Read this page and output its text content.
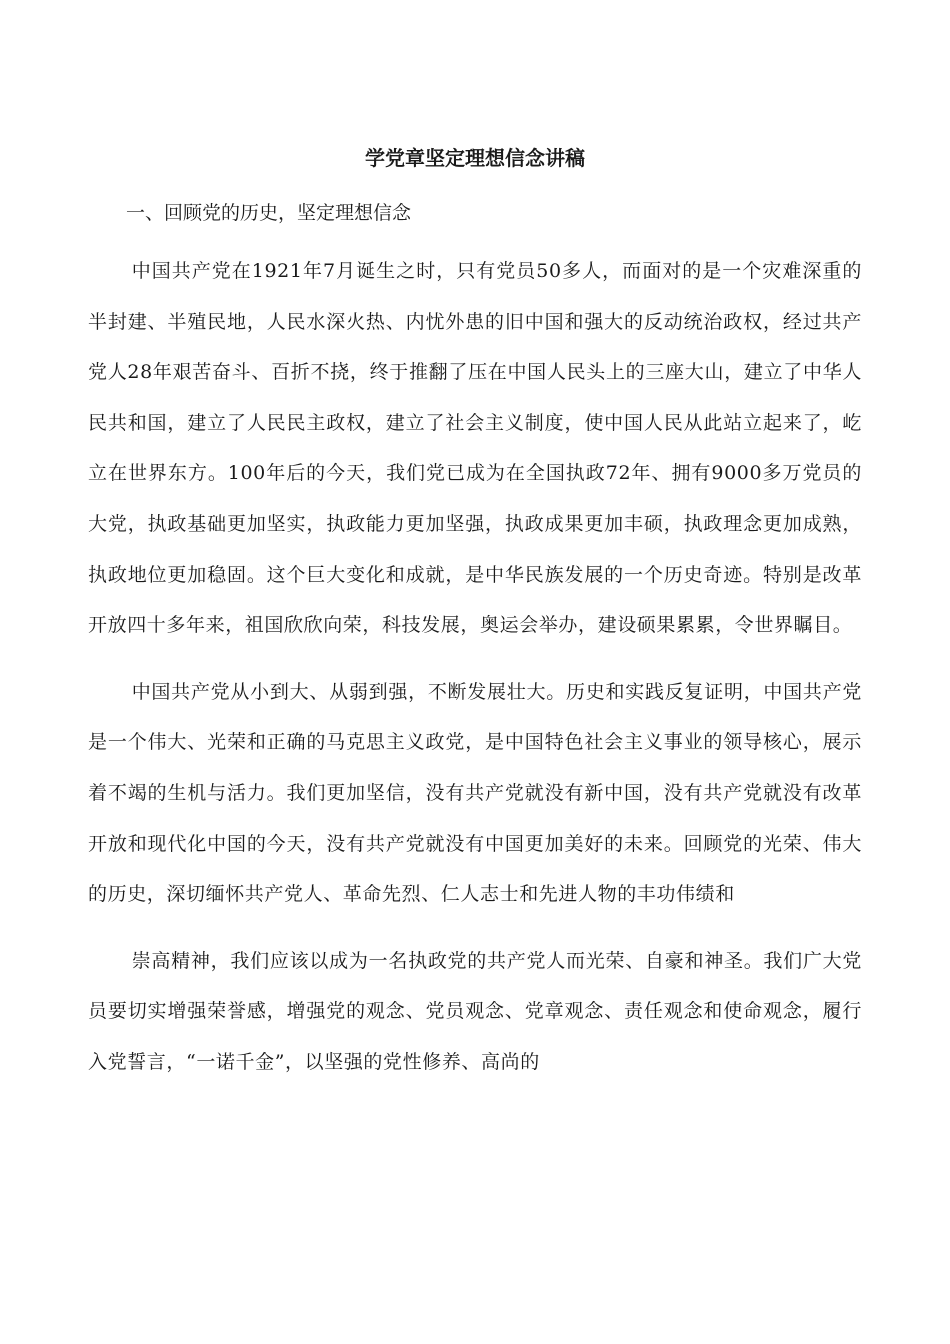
学党章坚定理想信念讲稿

一、回顾党的历史，坚定理想信念

中国共产党在1921年7月诞生之时，只有党员50多人，而面对的是一个灾难深重的半封建、半殖民地，人民水深火热、内忧外患的旧中国和强大的反动统治政权，经过共产党人28年艰苦奋斗、百折不挠，终于推翻了压在中国人民头上的三座大山，建立了中华人民共和国，建立了人民民主政权，建立了社会主义制度，使中国人民从此站立起来了，屹立在世界东方。100年后的今天，我们党已成为在全国执政72年、拥有9000多万党员的大党，执政基础更加坚实，执政能力更加坚强，执政成果更加丰硕，执政理念更加成熟，执政地位更加稳固。这个巨大变化和成就，是中华民族发展的一个历史奇迹。特别是改革开放四十多年来，祖国欣欣向荣，科技发展，奥运会举办，建设硕果累累，令世界瞩目。

中国共产党从小到大、从弱到强，不断发展壮大。历史和实践反复证明，中国共产党是一个伟大、光荣和正确的马克思主义政党，是中国特色社会主义事业的领导核心，展示着不竭的生机与活力。我们更加坚信，没有共产党就没有新中国，没有共产党就没有改革开放和现代化中国的今天，没有共产党就没有中国更加美好的未来。回顾党的光荣、伟大的历史，深切缅怀共产党人、革命先烈、仁人志士和先进人物的丰功伟绩和

崇高精神，我们应该以成为一名执政党的共产党人而光荣、自豪和神圣。我们广大党员要切实增强荣誉感，增强党的观念、党员观念、党章观念、责任观念和使命观念，履行入党誓言，“一诺千金”，以坚强的党性修养、高尚的
